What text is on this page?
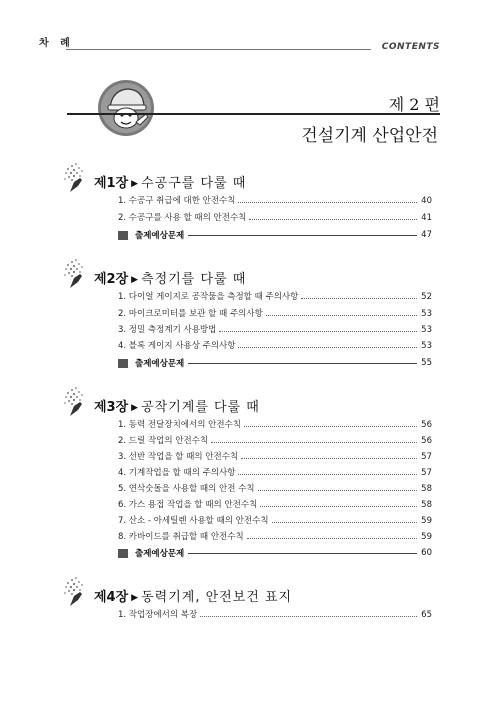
차 례	CONTENTS
제 2 편
건설기계 산업안전
제1장 ▶ 수공구를 다룰 때
1. 수공구 취급에 대한 안전수칙	40
2. 수공구를 사용 할 때의 안전수칙	41
출제예상문제	47
제2장 ▶ 측정기를 다룰 때
1. 다이얼 게이지로 공작물을 측정할 때 주의사항	52
2. 마이크로미터를 보관 할 때 주의사항	53
3. 정밀 측정계기 사용방법	53
4. 블록 게이지 사용상 주의사항	53
출제예상문제	55
제3장 ▶ 공작기계를 다룰 때
1. 동력 전달장치에서의 안전수칙	56
2. 드릴 작업의 안전수칙	56
3. 선반 작업을 할 때의 안전수칙	57
4. 기계작업을 할 때의 주의사항	57
5. 연삭숫돌을 사용할 때의 안전 수칙	58
6. 가스 용접 작업을 할 때의 안전수칙	58
7. 산소 - 아세틸렌 사용할 때의 안전수칙	59
8. 카바이드를 취급할 때 안전수칙	59
출제예상문제	60
제4장 ▶ 동력기계, 안전보건 표지
1. 작업장에서의 복장	65
